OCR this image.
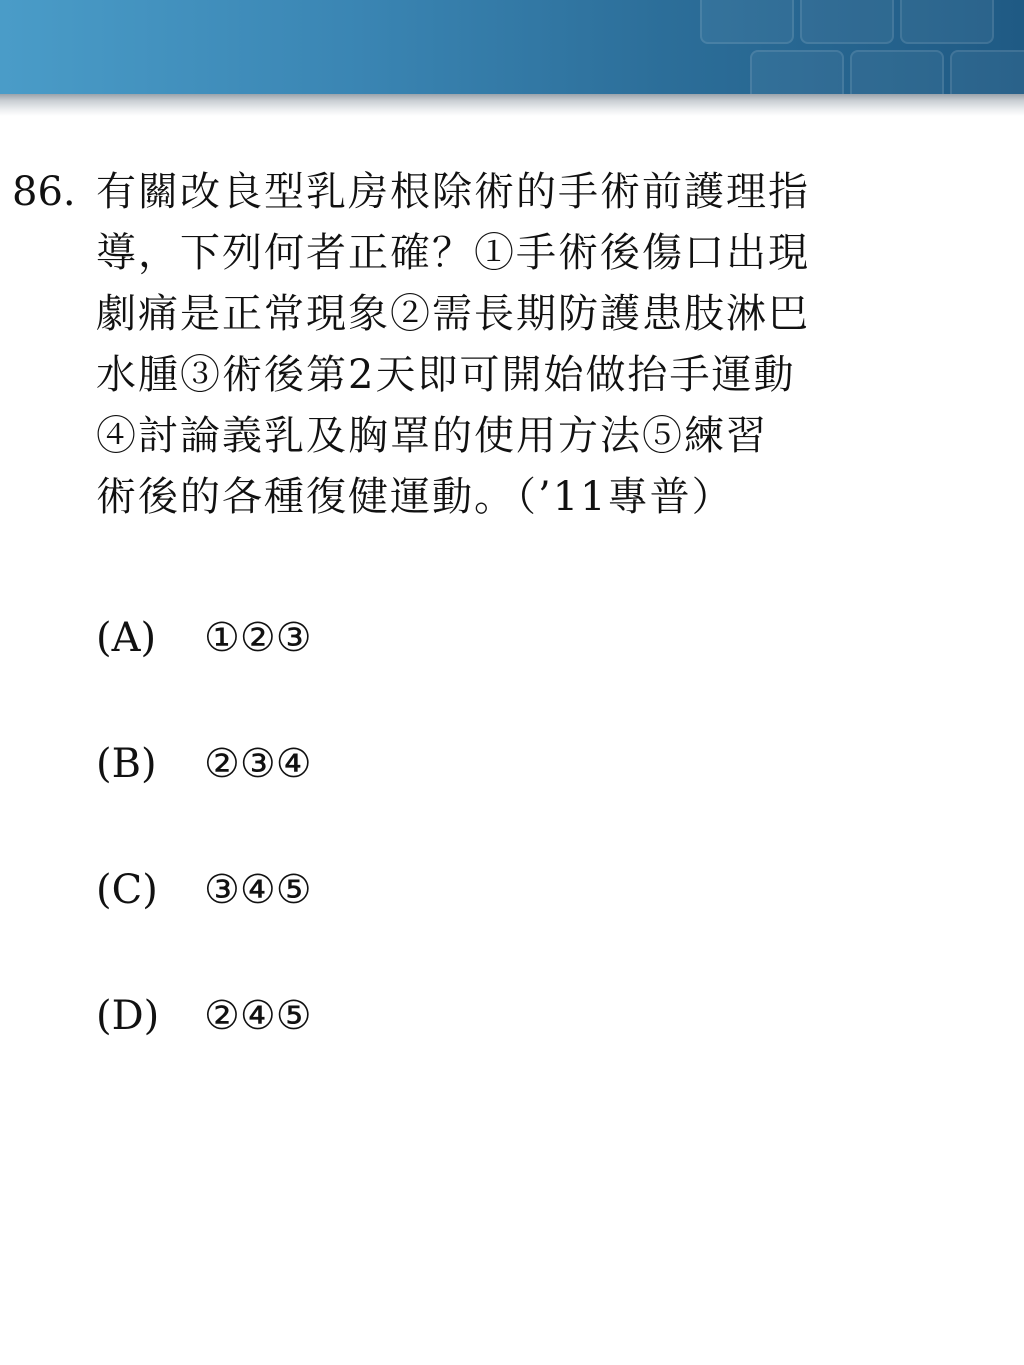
86. 有關改良型乳房根除術的手術前護理指
導，下列何者正確？①手術後傷口出現
劇痛是正常現象②需長期防護患肢淋巴
水腫③術後第2天即可開始做抬手運動
④討論義乳及胸罩的使用方法⑤練習
術後的各種復健運動。（’11專普）

(A) ①②③
(B) ②③④
(C) ③④⑤
(D) ②④⑤
